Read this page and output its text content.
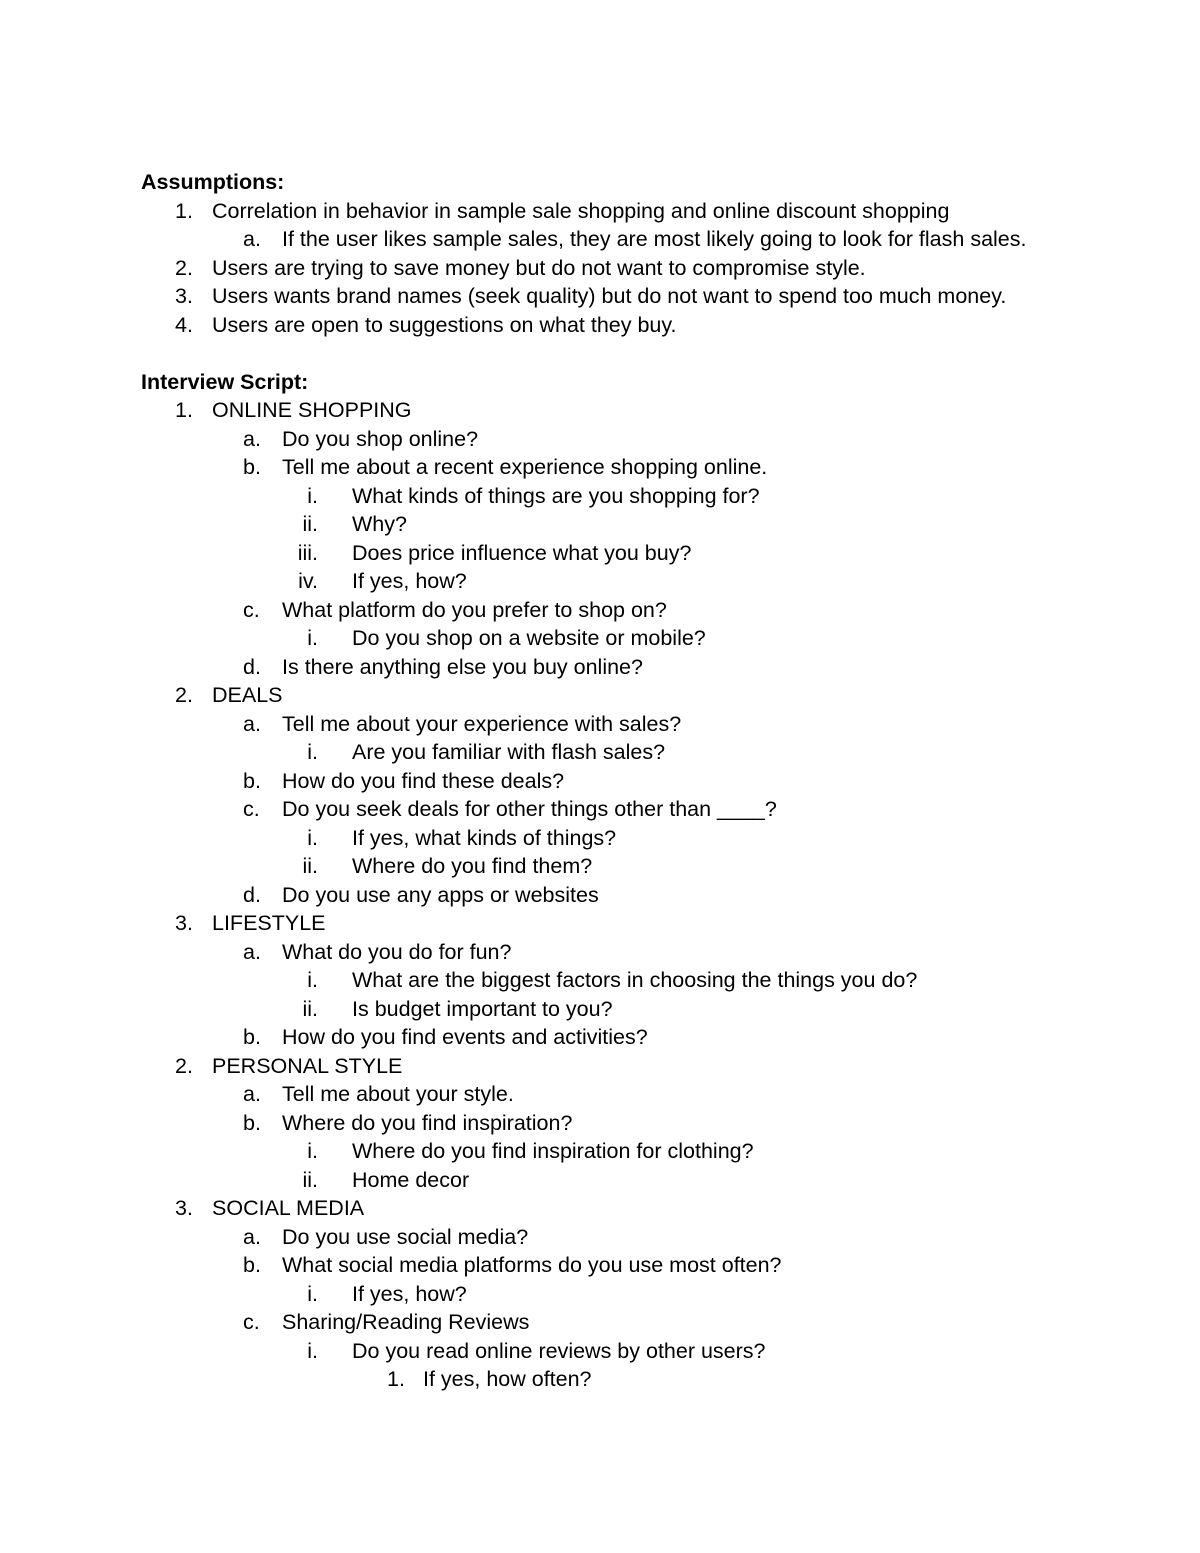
Assumptions:
1. Correlation in behavior in sample sale shopping and online discount shopping
a. If the user likes sample sales, they are most likely going to look for flash sales.
2. Users are trying to save money but do not want to compromise style.
3. Users wants brand names (seek quality) but do not want to spend too much money.
4. Users are open to suggestions on what they buy.
Interview Script:
1. ONLINE SHOPPING
a. Do you shop online?
b. Tell me about a recent experience shopping online.
i.	What kinds of things are you shopping for?
ii.	Why?
iii.	Does price influence what you buy?
iv.	If yes, how?
c.	What platform do you prefer to shop on?
i.	Do you shop on a website or mobile?
d. Is there anything else you buy online?
2. DEALS
a. Tell me about your experience with sales?
i.	Are you familiar with flash sales?
b. How do you find these deals?
c.	Do you seek deals for other things other than ____?
i.	If yes, what kinds of things?
ii.	Where do you find them?
d. Do you use any apps or websites
3. LIFESTYLE
a. What do you do for fun?
i.	What are the biggest factors in choosing the things you do?
ii.	Is budget important to you?
b. How do you find events and activities?
2. PERSONAL STYLE
a. Tell me about your style.
b. Where do you find inspiration?
i.	Where do you find inspiration for clothing?
ii.	Home decor
3. SOCIAL MEDIA
a. Do you use social media?
b. What social media platforms do you use most often?
i.	If yes, how?
c.	Sharing/Reading Reviews
i.	Do you read online reviews by other users?
1. If yes, how often?
